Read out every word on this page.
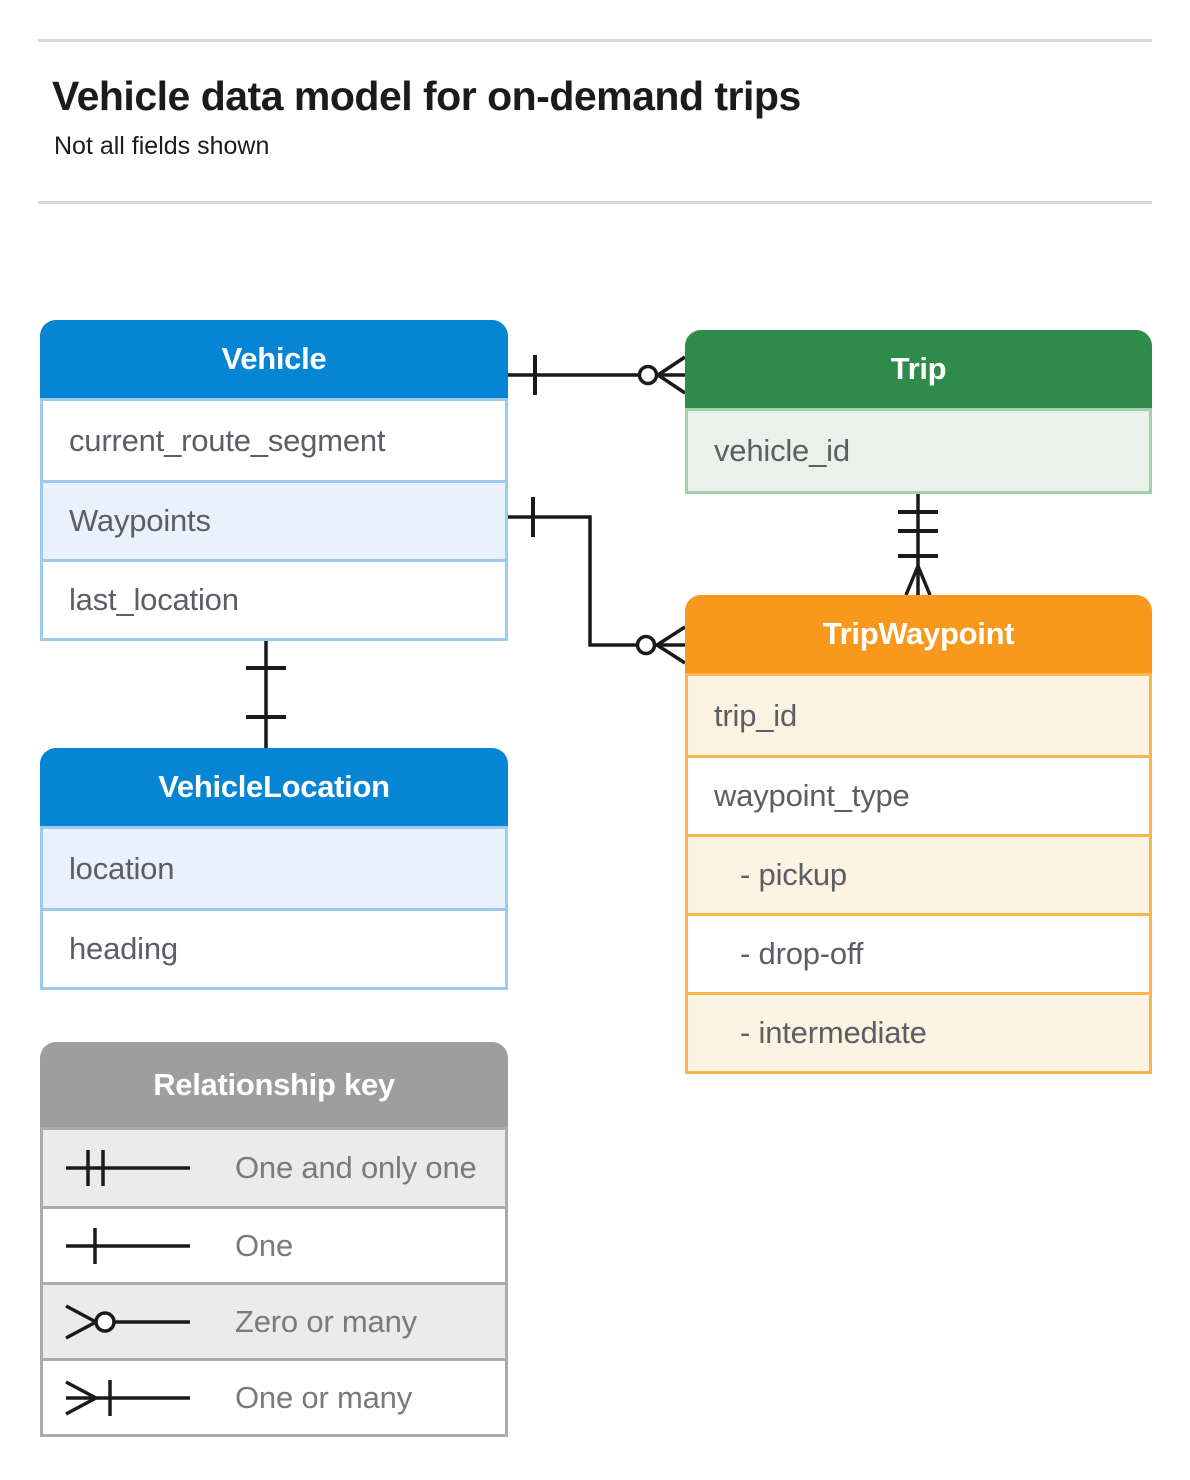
Vehicle data model for on-demand trips

Not all fields shown

Vehicle
current_route_segment
Waypoints
last_location
Trip
vehicle_id
TripWaypoint
trip_id
waypoint_type
- pickup
- drop-off
- intermediate
VehicleLocation
location
heading
Relationship key
One and only one
One
Zero or many
One or many
